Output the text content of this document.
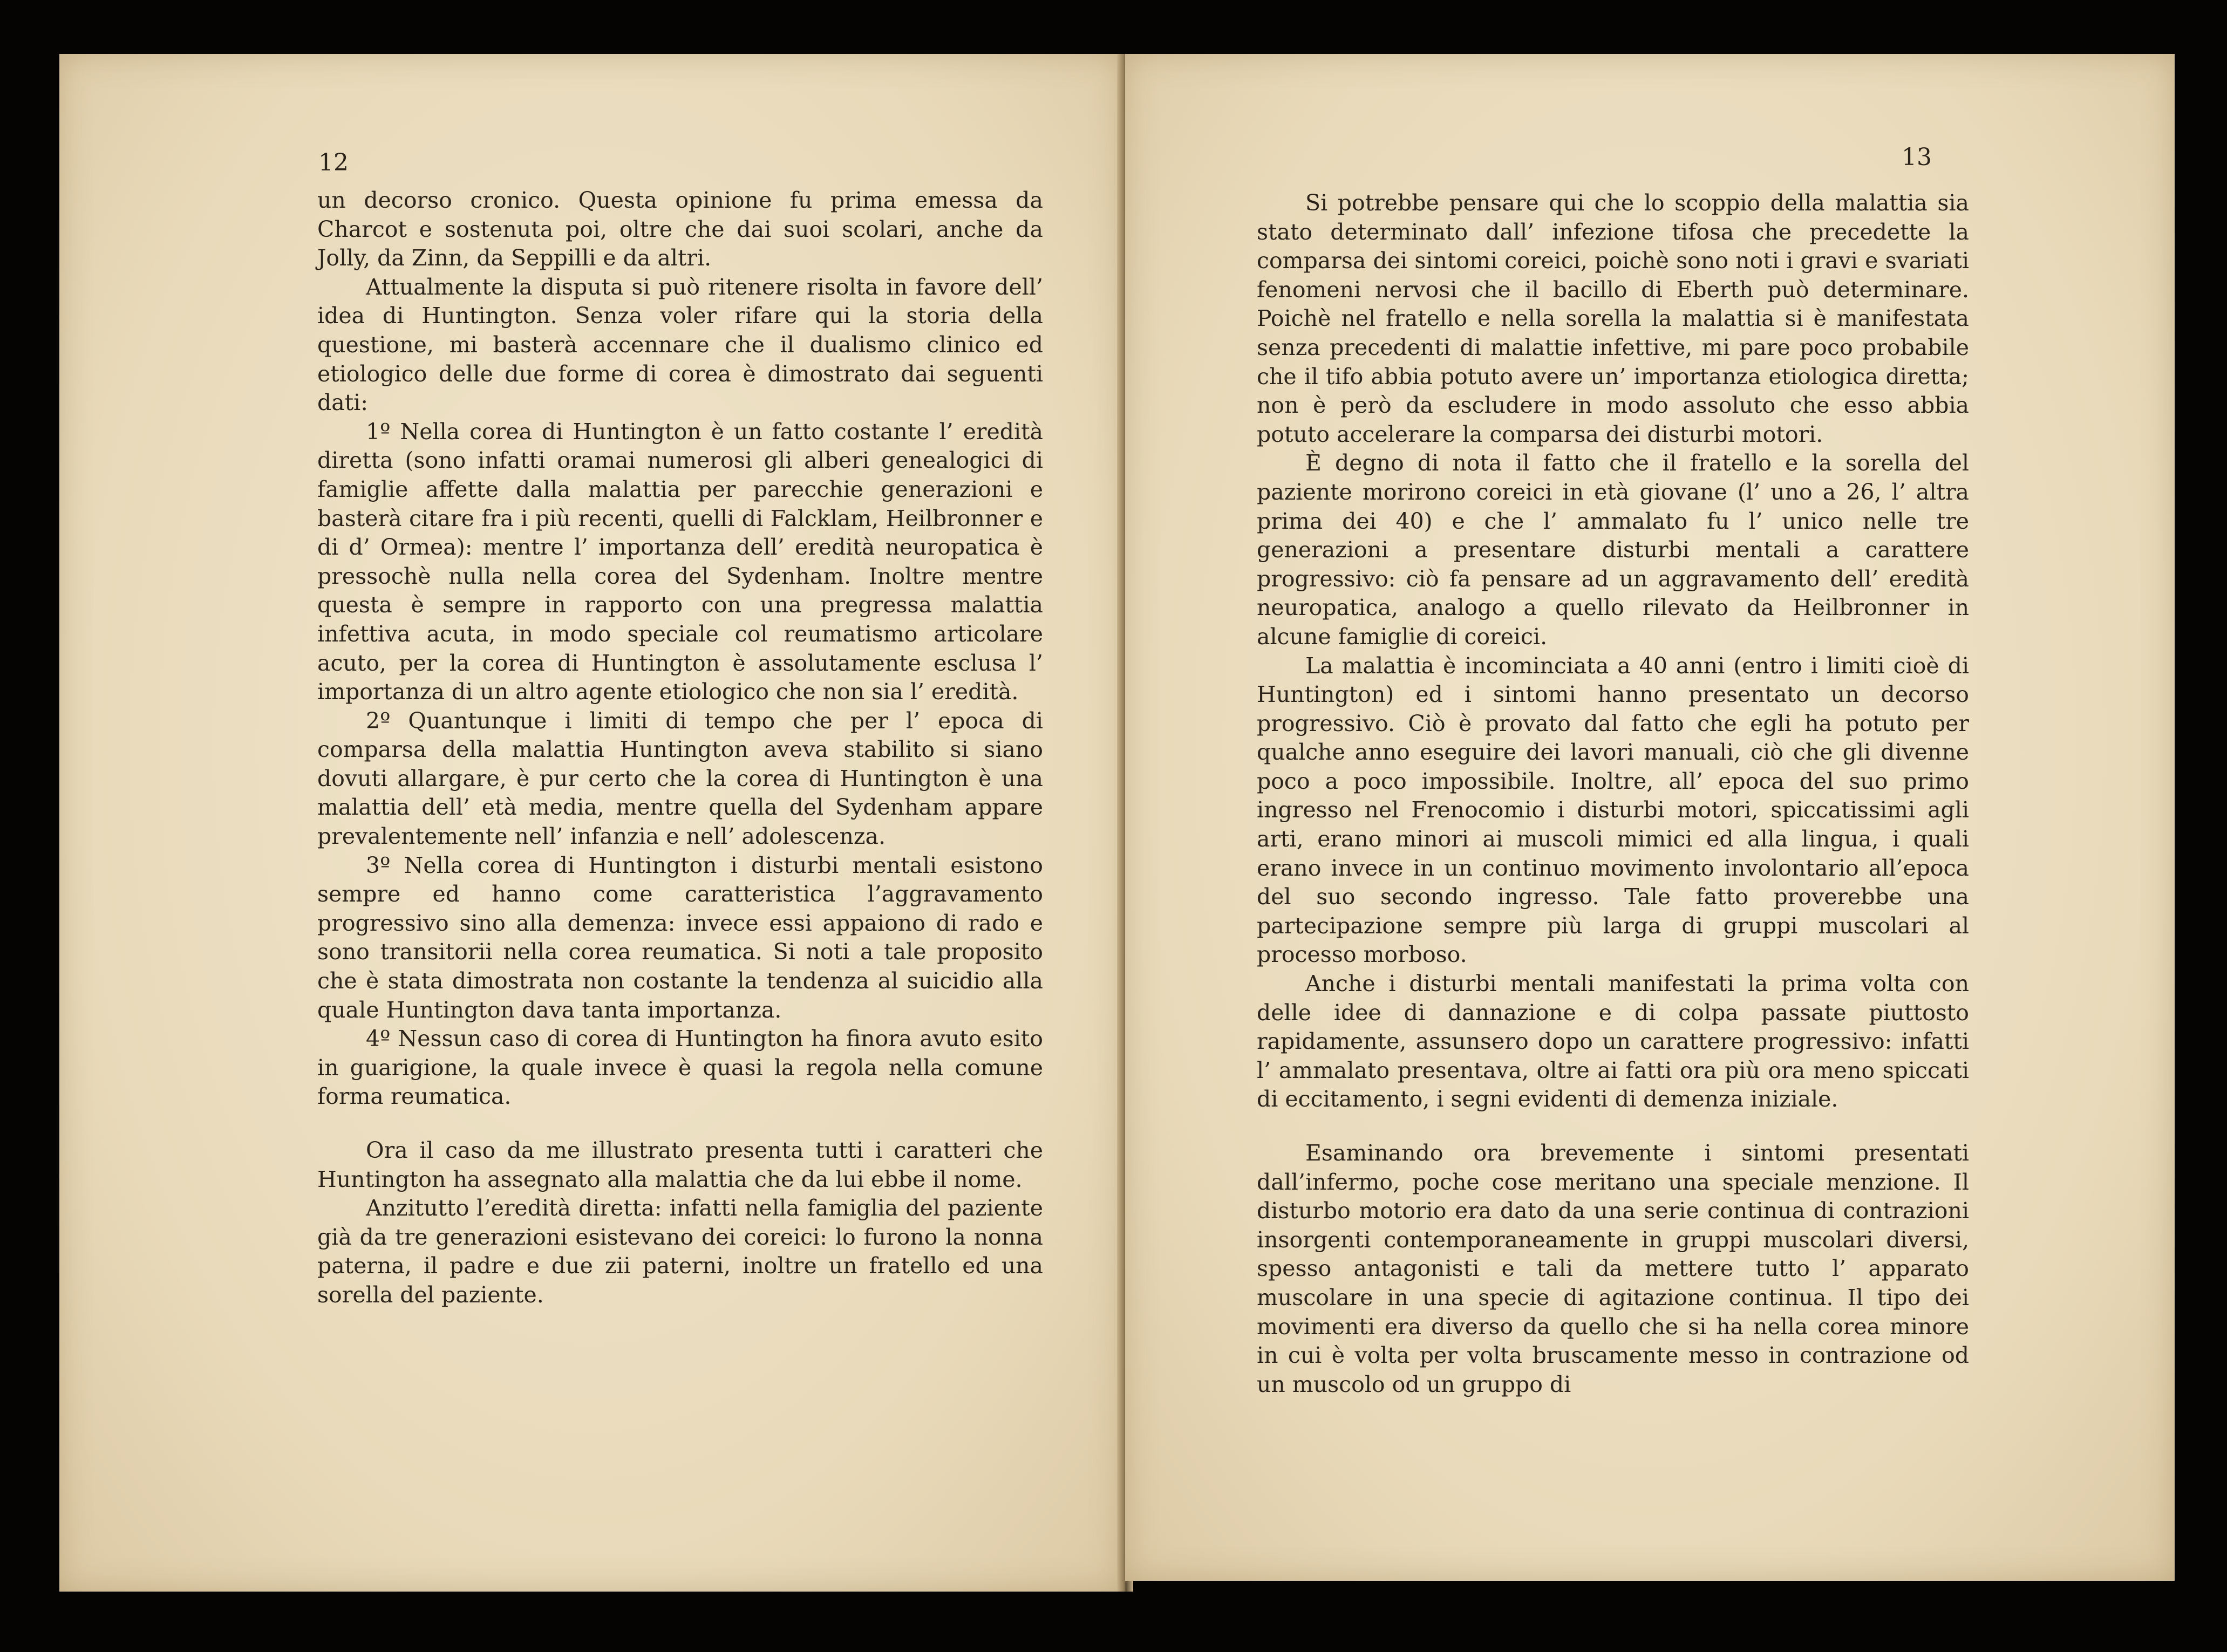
12

un decorso cronico. Questa opinione fu prima emessa da Charcot e sostenuta poi, oltre che dai suoi scolari, anche da Jolly, da Zinn, da Seppilli e da altri.

Attualmente la disputa si può ritenere risolta in favore dell’ idea di Huntington. Senza voler rifare qui la storia della questione, mi basterà accennare che il dualismo clinico ed etiologico delle due forme di corea è dimostrato dai seguenti dati:

1º Nella corea di Huntington è un fatto costante l’ eredità diretta (sono infatti oramai numerosi gli alberi genealogici di famiglie affette dalla malattia per parecchie generazioni e basterà citare fra i più recenti, quelli di Falcklam, Heilbronner e di d’ Ormea): mentre l’ importanza dell’ eredità neuropatica è pressochè nulla nella corea del Sydenham. Inoltre mentre questa è sempre in rapporto con una pregressa malattia infettiva acuta, in modo speciale col reumatismo articolare acuto, per la corea di Huntington è assolutamente esclusa l’ importanza di un altro agente etiologico che non sia l’ eredità.

2º Quantunque i limiti di tempo che per l’ epoca di comparsa della malattia Huntington aveva stabilito si siano dovuti allargare, è pur certo che la corea di Huntington è una malattia dell’ età media, mentre quella del Sydenham appare prevalentemente nell’ infanzia e nell’ adolescenza.

3º Nella corea di Huntington i disturbi mentali esistono sempre ed hanno come caratteristica l’aggravamento progressivo sino alla demenza: invece essi appaiono di rado e sono transitorii nella corea reumatica. Si noti a tale proposito che è stata dimostrata non costante la tendenza al suicidio alla quale Huntington dava tanta importanza.

4º Nessun caso di corea di Huntington ha finora avuto esito in guarigione, la quale invece è quasi la regola nella comune forma reumatica.

Ora il caso da me illustrato presenta tutti i caratteri che Huntington ha assegnato alla malattia che da lui ebbe il nome.

Anzitutto l’eredità diretta: infatti nella famiglia del paziente già da tre generazioni esistevano dei coreici: lo furono la nonna paterna, il padre e due zii paterni, inoltre un fratello ed una sorella del paziente.

13

Si potrebbe pensare qui che lo scoppio della malattia sia stato determinato dall’ infezione tifosa che precedette la comparsa dei sintomi coreici, poichè sono noti i gravi e svariati fenomeni nervosi che il bacillo di Eberth può determinare. Poichè nel fratello e nella sorella la malattia si è manifestata senza precedenti di malattie infettive, mi pare poco probabile che il tifo abbia potuto avere un’ importanza etiologica diretta; non è però da escludere in modo assoluto che esso abbia potuto accelerare la comparsa dei disturbi motori.

È degno di nota il fatto che il fratello e la sorella del paziente morirono coreici in età giovane (l’ uno a 26, l’ altra prima dei 40) e che l’ ammalato fu l’ unico nelle tre generazioni a presentare disturbi mentali a carattere progressivo: ciò fa pensare ad un aggravamento dell’ eredità neuropatica, analogo a quello rilevato da Heilbronner in alcune famiglie di coreici.

La malattia è incominciata a 40 anni (entro i limiti cioè di Huntington) ed i sintomi hanno presentato un decorso progressivo. Ciò è provato dal fatto che egli ha potuto per qualche anno eseguire dei lavori manuali, ciò che gli divenne poco a poco impossibile. Inoltre, all’ epoca del suo primo ingresso nel Frenocomio i disturbi motori, spiccatissimi agli arti, erano minori ai muscoli mimici ed alla lingua, i quali erano invece in un continuo movimento involontario all’epoca del suo secondo ingresso. Tale fatto proverebbe una partecipazione sempre più larga di gruppi muscolari al processo morboso.

Anche i disturbi mentali manifestati la prima volta con delle idee di dannazione e di colpa passate piuttosto rapidamente, assunsero dopo un carattere progressivo: infatti l’ ammalato presentava, oltre ai fatti ora più ora meno spiccati di eccitamento, i segni evidenti di demenza iniziale.

Esaminando ora brevemente i sintomi presentati dall’infermo, poche cose meritano una speciale menzione. Il disturbo motorio era dato da una serie continua di contrazioni insorgenti contemporaneamente in gruppi muscolari diversi, spesso antagonisti e tali da mettere tutto l’ apparato muscolare in una specie di agitazione continua. Il tipo dei movimenti era diverso da quello che si ha nella corea minore in cui è volta per volta bruscamente messo in contrazione od un muscolo od un gruppo di
